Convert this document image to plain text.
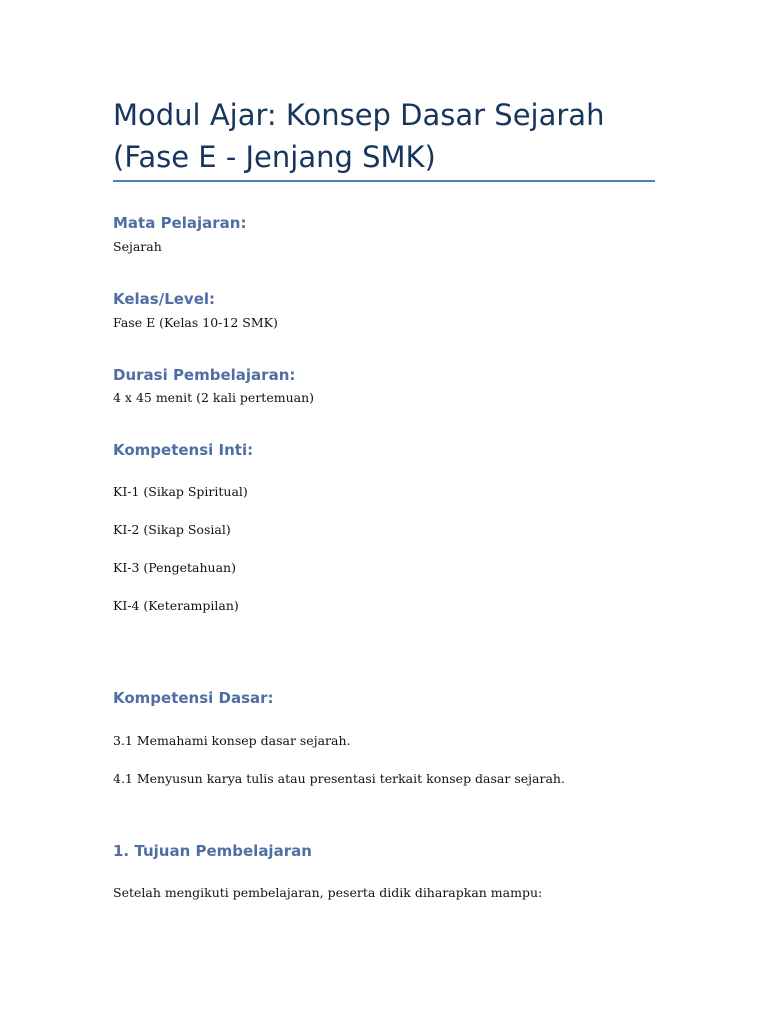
Modul Ajar: Konsep Dasar Sejarah (Fase E - Jenjang SMK)
Mata Pelajaran:

Sejarah

Kelas/Level:

Fase E (Kelas 10-12 SMK)

Durasi Pembelajaran:

4 x 45 menit (2 kali pertemuan)

Kompetensi Inti:

KI-1 (Sikap Spiritual)

KI-2 (Sikap Sosial)

KI-3 (Pengetahuan)

KI-4 (Keterampilan)

Kompetensi Dasar:

3.1 Memahami konsep dasar sejarah.

4.1 Menyusun karya tulis atau presentasi terkait konsep dasar sejarah.

1. Tujuan Pembelajaran

Setelah mengikuti pembelajaran, peserta didik diharapkan mampu:
